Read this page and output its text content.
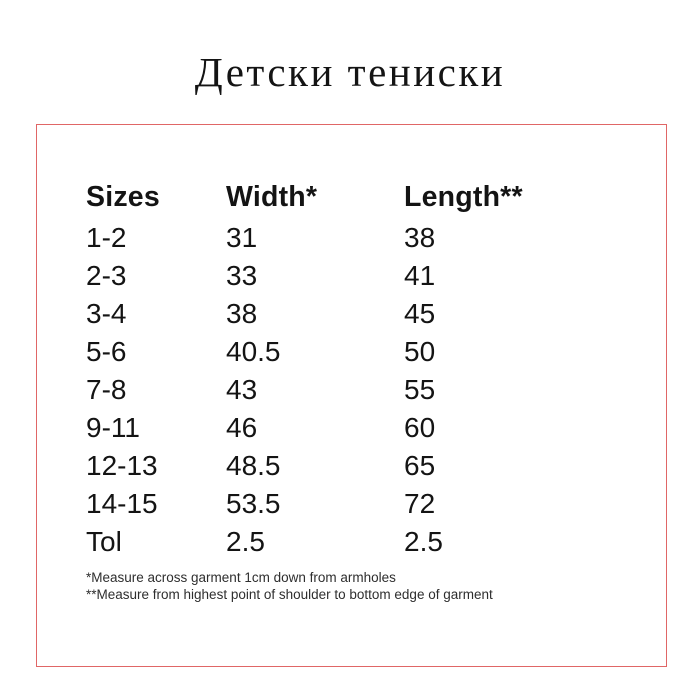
Детски тениски
Sizes	Width*	Length**
1-2	31	38
2-3	33	41
3-4	38	45
5-6	40.5	50
7-8	43	55
9-11	46	60
12-13	48.5	65
14-15	53.5	72
Tol	2.5	2.5
*Measure across garment 1cm down from armholes
**Measure from highest point of shoulder to bottom edge of garment
